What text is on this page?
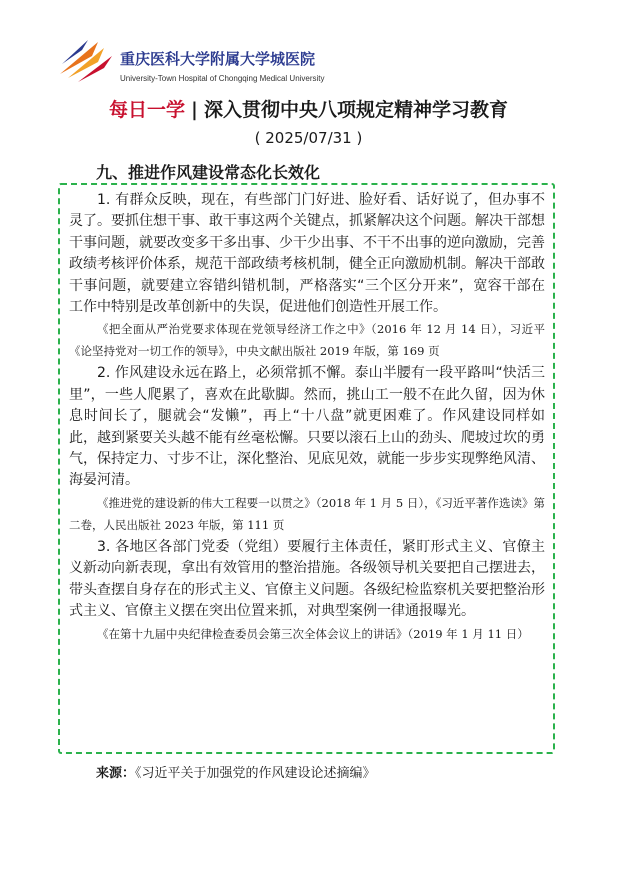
重庆医科大学附属大学城医院
University-Town Hospital of Chongqing Medical University
每日一学 | 深入贯彻中央八项规定精神学习教育
( 2025/07/31 )
九、推进作风建设常态化长效化

1. 有群众反映，现在，有些部门门好进、脸好看、话好说了，但办事不灵了。要抓住想干事、敢干事这两个关键点，抓紧解决这个问题。解决干部想干事问题，就要改变多干多出事、少干少出事、不干不出事的逆向激励，完善政绩考核评价体系，规范干部政绩考核机制，健全正向激励机制。解决干部敢干事问题，就要建立容错纠错机制，严格落实“三个区分开来”，宽容干部在工作中特别是改革创新中的失误，促进他们创造性开展工作。

《把全面从严治党要求体现在党领导经济工作之中》（2016 年 12 月 14 日），习近平《论坚持党对一切工作的领导》，中央文献出版社 2019 年版，第 169 页

2. 作风建设永远在路上，必须常抓不懈。泰山半腰有一段平路叫“快活三里”，一些人爬累了，喜欢在此歇脚。然而，挑山工一般不在此久留，因为休息时间长了，腿就会“发懒”，再上“十八盘”就更困难了。作风建设同样如此，越到紧要关头越不能有丝毫松懈。只要以滚石上山的劲头、爬坡过坎的勇气，保持定力、寸步不让，深化整治、见底见效，就能一步步实现弊绝风清、海晏河清。

《推进党的建设新的伟大工程要一以贯之》（2018 年 1 月 5 日），《习近平著作选读》第二卷，人民出版社 2023 年版，第 111 页

3. 各地区各部门党委（党组）要履行主体责任，紧盯形式主义、官僚主义新动向新表现，拿出有效管用的整治措施。各级领导机关要把自己摆进去，带头查摆自身存在的形式主义、官僚主义问题。各级纪检监察机关要把整治形式主义、官僚主义摆在突出位置来抓，对典型案例一律通报曝光。

《在第十九届中央纪律检查委员会第三次全体会议上的讲话》（2019 年 1 月 11 日）

来源：《习近平关于加强党的作风建设论述摘编》
